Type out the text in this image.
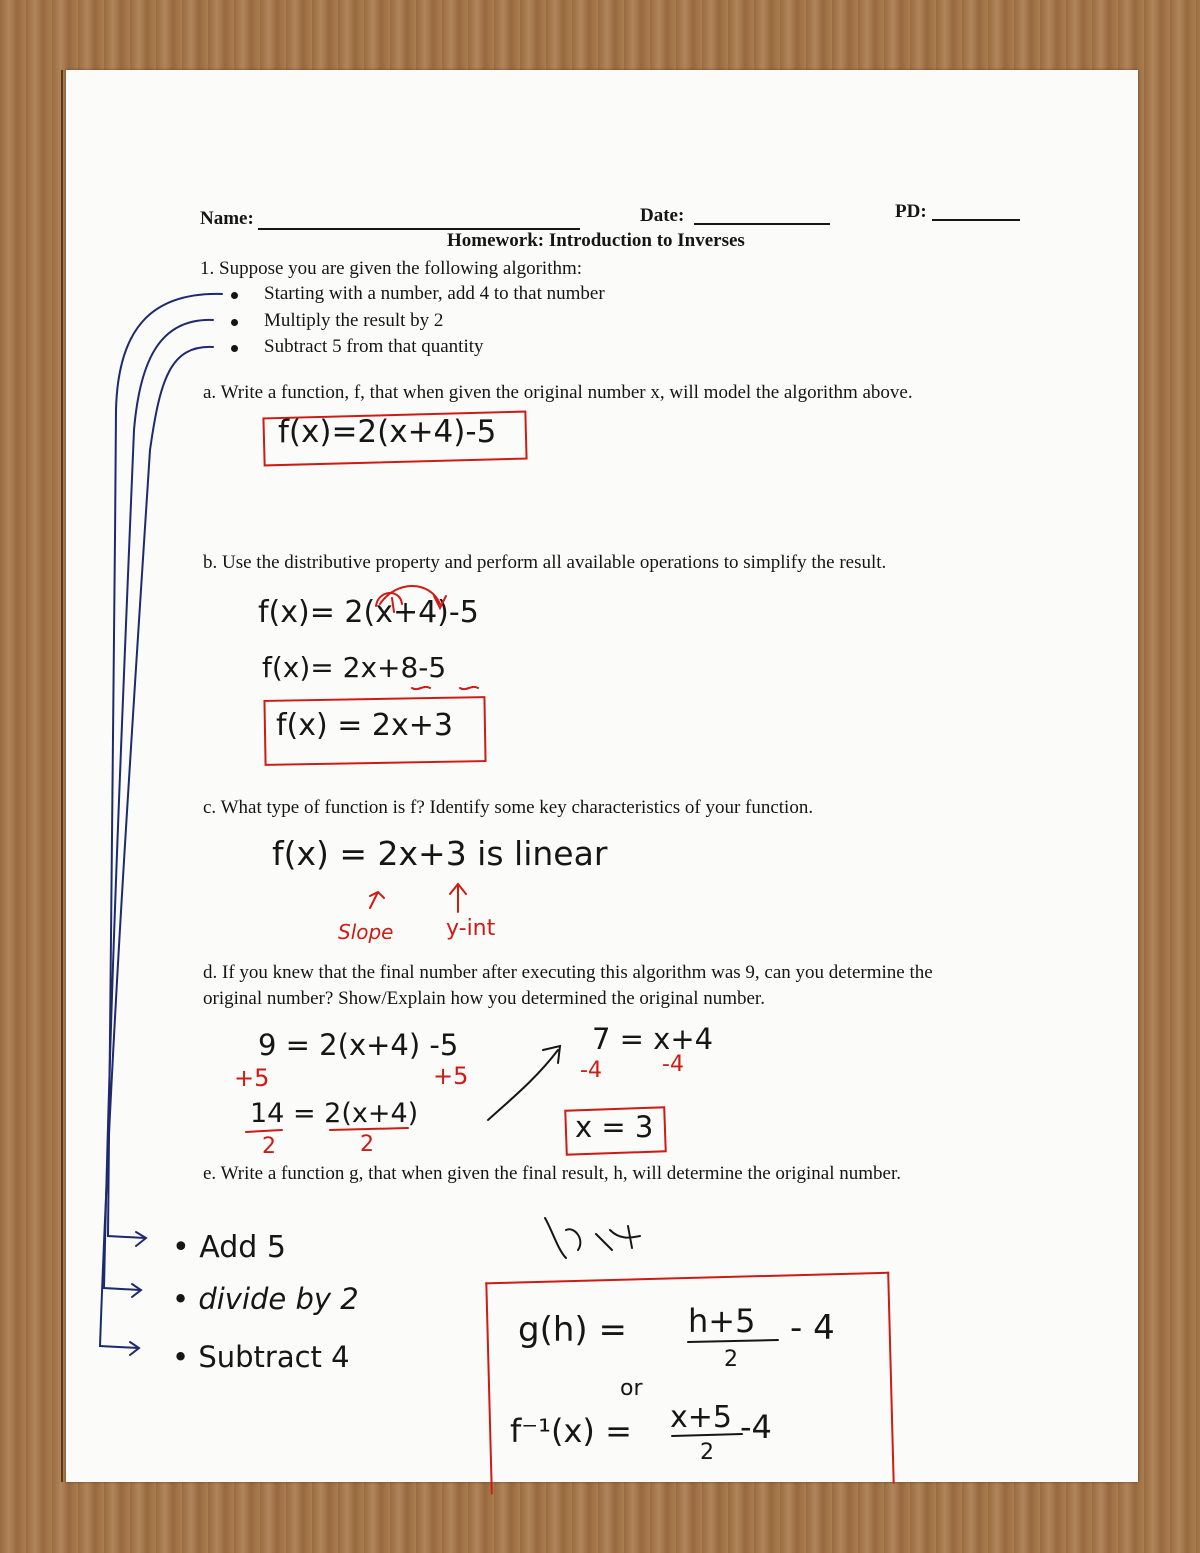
Name:	Date:	PD:
Homework: Introduction to Inverses
1. Suppose you are given the following algorithm:
Starting with a number, add 4 to that number
Multiply the result by 2
Subtract 5 from that quantity
a. Write a function, f, that when given the original number x, will model the algorithm above.
f(x)=2(x+4)-5
b. Use the distributive property and perform all available operations to simplify the result.
f(x)= 2(x+4)-5
f(x)= 2x+8-5
f(x) = 2x+3
c. What type of function is f? Identify some key characteristics of your function.
f(x) = 2x+3 is linear
Slope y-int
d. If you knew that the final number after executing this algorithm was 9, can you determine the
original number? Show/Explain how you determined the original number.
9 = 2(x+4) -5
+5	+5
14 = 2(x+4)
2	2
7 = x+4
-4	-4
x = 3
e. Write a function g, that when given the final result, h, will determine the original number.
• Add 5
• divide by 2
• Subtract 4
g(h) = h+5
2
- 4
or
f⁻¹(x) = x+5
2
-4
